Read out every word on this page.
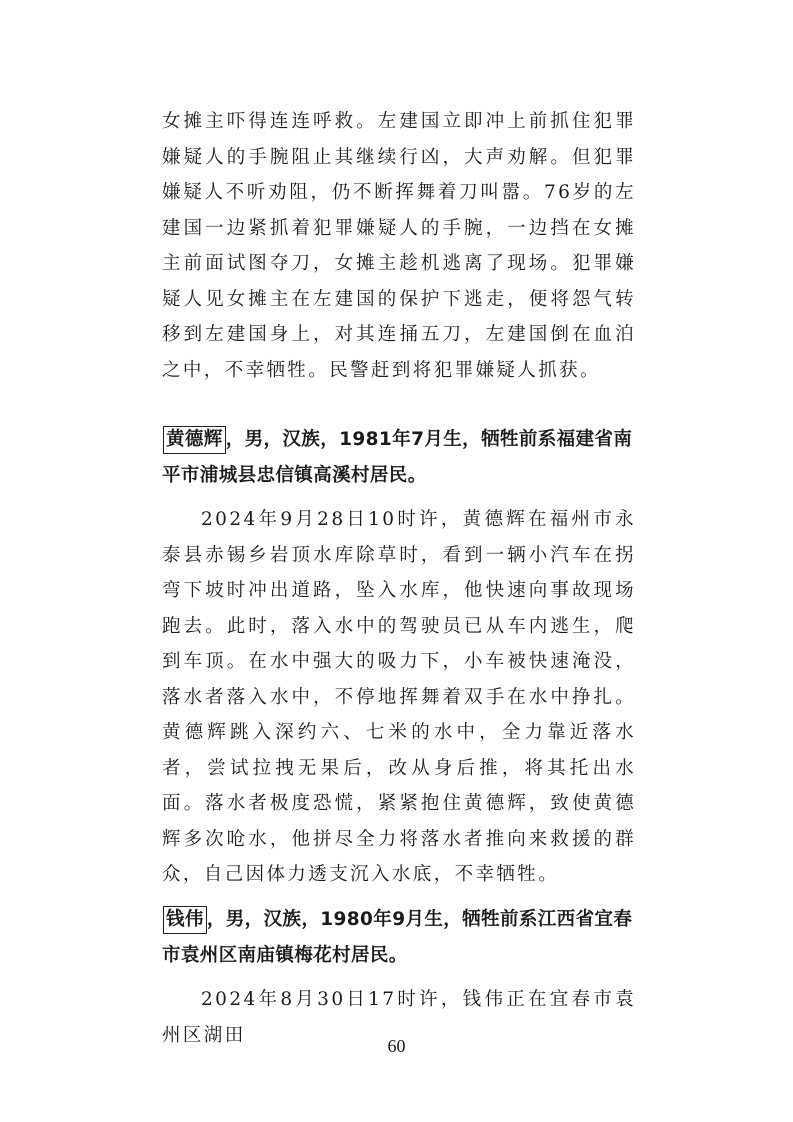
女摊主吓得连连呼救。左建国立即冲上前抓住犯罪嫌疑人的手腕阻止其继续行凶，大声劝解。但犯罪嫌疑人不听劝阻，仍不断挥舞着刀叫嚣。76岁的左建国一边紧抓着犯罪嫌疑人的手腕，一边挡在女摊主前面试图夺刀，女摊主趁机逃离了现场。犯罪嫌疑人见女摊主在左建国的保护下逃走，便将怨气转移到左建国身上，对其连捅五刀，左建国倒在血泊之中，不幸牺牲。民警赶到将犯罪嫌疑人抓获。

黄德辉 ，男，汉族，1981年7月生，牺牲前系福建省南平市浦城县忠信镇高溪村居民。

2024年9月28日10时许，黄德辉在福州市永泰县赤锡乡岩顶水库除草时，看到一辆小汽车在拐弯下坡时冲出道路，坠入水库，他快速向事故现场跑去。此时，落入水中的驾驶员已从车内逃生，爬到车顶。在水中强大的吸力下，小车被快速淹没，落水者落入水中，不停地挥舞着双手在水中挣扎。黄德辉跳入深约六、七米的水中，全力靠近落水者，尝试拉拽无果后，改从身后推，将其托出水面。落水者极度恐慌，紧紧抱住黄德辉，致使黄德辉多次呛水，他拼尽全力将落水者推向来救援的群众，自己因体力透支沉入水底，不幸牺牲。

钱伟 ，男，汉族，1980年9月生，牺牲前系江西省宜春市袁州区南庙镇梅花村居民。

2024年8月30日17时许，钱伟正在宜春市袁州区湖田

60
